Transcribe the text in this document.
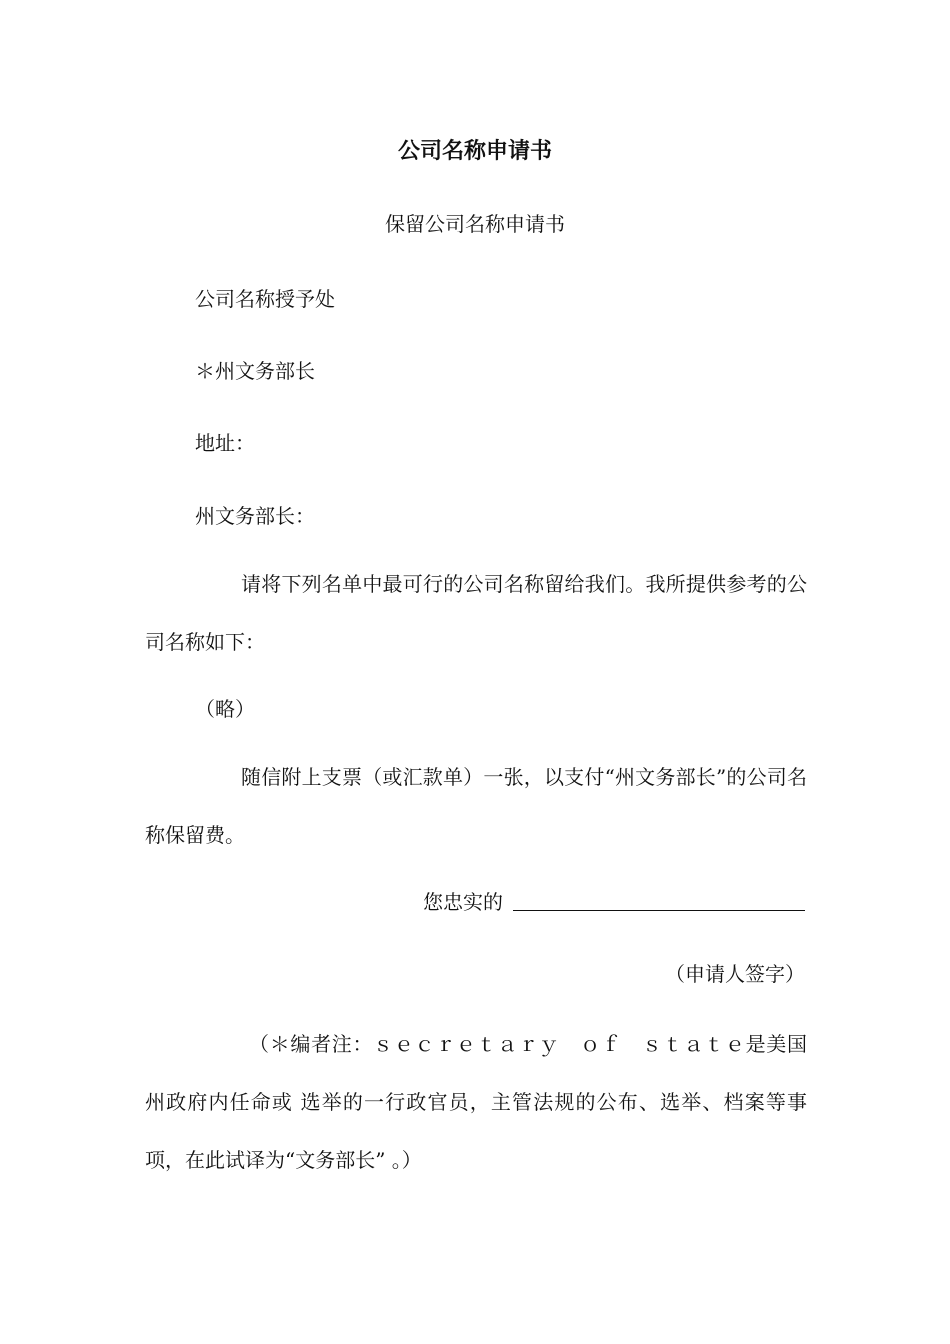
公司名称申请书
保留公司名称申请书
公司名称授予处
＊州文务部长
地址：
州文务部长：
请将下列名单中最可行的公司名称留给我们。我所提供参考的公司名称如下：
（略）
随信附上支票（或汇款单）一张，以支付“州文务部长”的公司名称保留费。
您忠实的
（申请人签字）
（＊编者注：ｓｅｃｒｅｔａｒｙ　ｏｆ　ｓｔａｔｅ是美国州政府内任命或 选举的一行政官员，主管法规的公布、选举、档案等事项，在此试译为“文务部长” 。）
